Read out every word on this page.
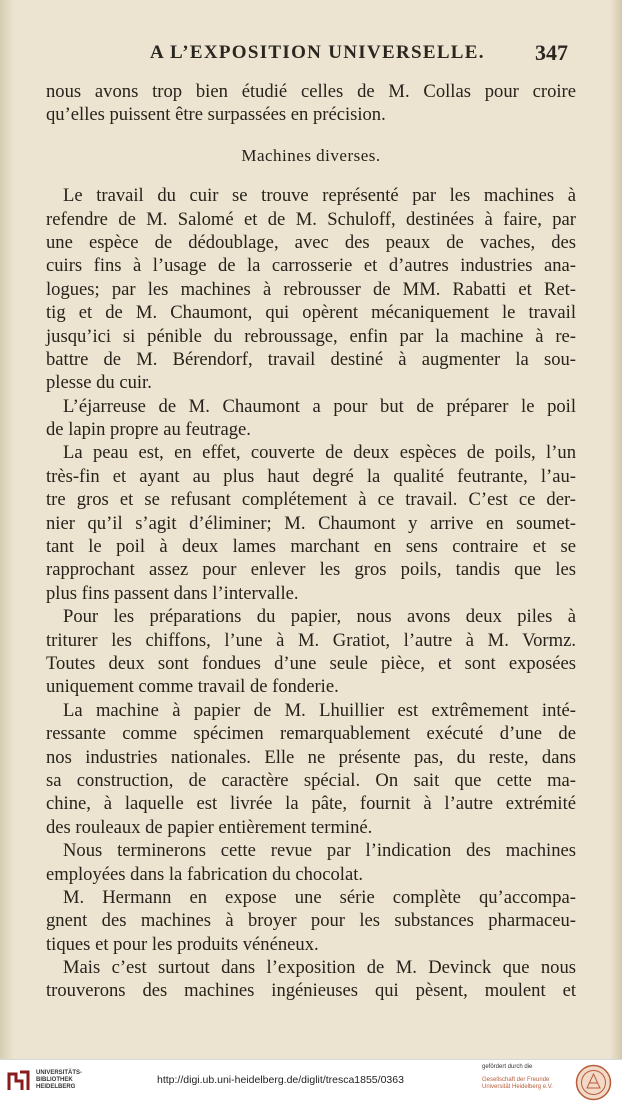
A L’EXPOSITION UNIVERSELLE. 347
nous avons trop bien étudié celles de M. Collas pour croire
qu’elles puissent être surpassées en précision.
Machines diverses.
Le travail du cuir se trouve représenté par les machines à
refendre de M. Salomé et de M. Schuloff, destinées à faire, par
une espèce de dédoublage, avec des peaux de vaches, des
cuirs fins à l’usage de la carrosserie et d’autres industries ana-
logues; par les machines à rebrousser de MM. Rabatti et Ret-
tig et de M. Chaumont, qui opèrent mécaniquement le travail
jusqu’ici si pénible du rebroussage, enfin par la machine à re-
battre de M. Bérendorf, travail destiné à augmenter la sou-
plesse du cuir.
L’éjarreuse de M. Chaumont a pour but de préparer le poil
de lapin propre au feutrage.
La peau est, en effet, couverte de deux espèces de poils, l’un
très-fin et ayant au plus haut degré la qualité feutrante, l’au-
tre gros et se refusant complétement à ce travail. C’est ce der-
nier qu’il s’agit d’éliminer; M. Chaumont y arrive en soumet-
tant le poil à deux lames marchant en sens contraire et se
rapprochant assez pour enlever les gros poils, tandis que les
plus fins passent dans l’intervalle.
Pour les préparations du papier, nous avons deux piles à
triturer les chiffons, l’une à M. Gratiot, l’autre à M. Vormz.
Toutes deux sont fondues d’une seule pièce, et sont exposées
uniquement comme travail de fonderie.
La machine à papier de M. Lhuillier est extrêmement inté-
ressante comme spécimen remarquablement exécuté d’une de
nos industries nationales. Elle ne présente pas, du reste, dans
sa construction, de caractère spécial. On sait que cette ma-
chine, à laquelle est livrée la pâte, fournit à l’autre extrémité
des rouleaux de papier entièrement terminé.
Nous terminerons cette revue par l’indication des machines
employées dans la fabrication du chocolat.
M. Hermann en expose une série complète qu’accompa-
gnent des machines à broyer pour les substances pharmaceu-
tiques et pour les produits vénéneux.
Mais c’est surtout dans l’exposition de M. Devinck que nous
trouverons des machines ingénieuses qui pèsent, moulent et
UNIVERSITÄTS-
BIBLIOTHEK
HEIDELBERG
http://digi.ub.uni-heidelberg.de/diglit/tresca1855/0363
gefördert durch die
Gesellschaft der Freunde
Universität Heidelberg e.V.
